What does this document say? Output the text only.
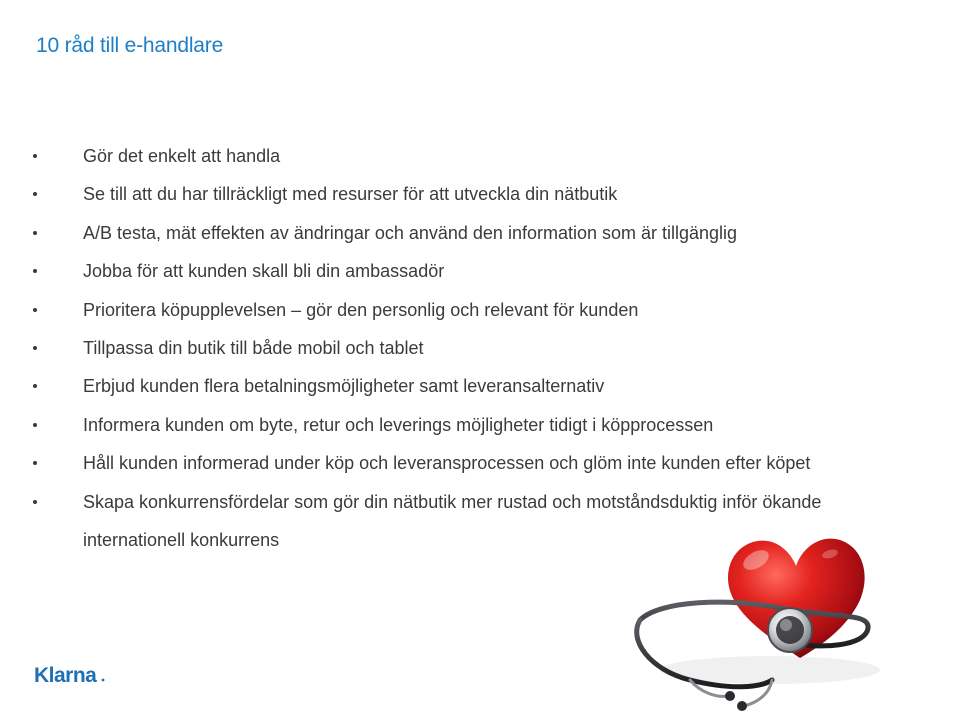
10 råd till e-handlare
Gör det enkelt att handla
Se till att du har tillräckligt med resurser för att utveckla din nätbutik
A/B testa, mät effekten av ändringar och använd den information som är tillgänglig
Jobba för att kunden skall bli din ambassadör
Prioritera köpupplevelsen – gör den personlig och relevant för kunden
Tillpassa din butik till både mobil och tablet
Erbjud kunden flera betalningsmöjligheter samt leveransalternativ
Informera kunden om byte, retur och leverings möjligheter tidigt i köpprocessen
Håll kunden informerad under köp och leveransprocessen och glöm inte kunden efter köpet
Skapa konkurrensfördelar som gör din nätbutik mer rustad och motståndsduktig inför ökande internationell konkurrens
Klarna
